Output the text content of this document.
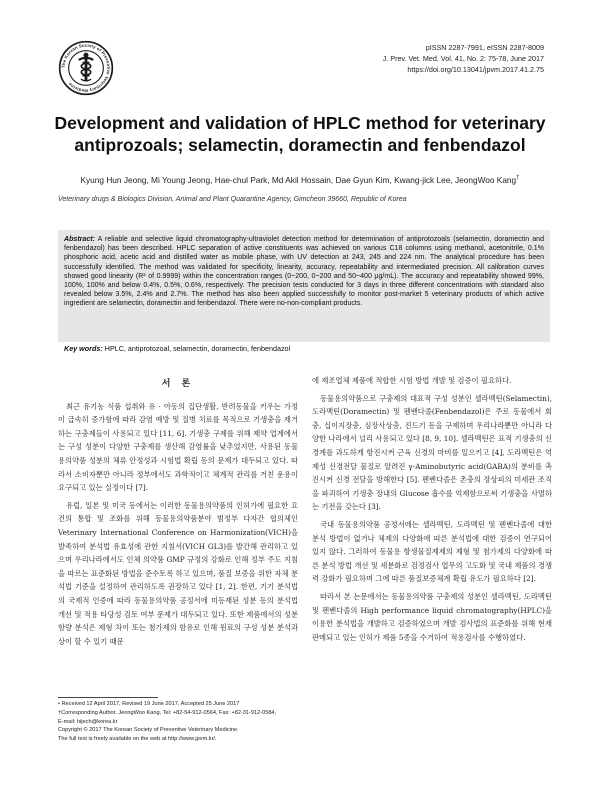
The Korean Society of Preventive Veterinary Medicine
pISSN 2287-7991, eISSN 2287-8009
J. Prev. Vet. Med. Vol. 41, No. 2: 75-78, June 2017
https://doi.org/10.13041/jpvm.2017.41.2.75
Development and validation of HPLC method for veterinary
antiprozoals; selamectin, doramectin and fenbendazol
Kyung Hun Jeong, Mi Young Jeong, Hae-chul Park, Md Akil Hossain, Dae Gyun Kim, Kwang-jick Lee, JeongWoo Kang†
Veterinary drugs & Biologics Division, Animal and Plant Quarantine Agency, Gimcheon 39660, Republic of Korea
Abstract: A reliable and selective liquid chromatography‐ultraviolet detection method for determination of antiprotozoals (selamectin, doramectin and fenbendazol) has been described. HPLC separation of active constituents was achieved on various C18 columns using methanol, acetonitrile, 0.1% phosphoric acid, acetic acid and distilled water as mobile phase, with UV detection at 243, 245 and 224 nm. The analytical procedure has been successfully identified. The method was validated for specificity, linearity, accuracy, repeatability and intermediated precision. All calibration curves showed good linearity (R² of 0.9999) within the concentration ranges (0~200, 0~200 and 50~400 μg/mL). The accuracy and repeatability showed 99%, 100%, 100% and below 0.4%, 0.5%, 0.6%, respectively. The precision tests conducted for 3 days in three different concentrations with standard also revealed below 3.5%, 2.4% and 2.7%. The method has also been applied successfully to monitor post-market 5 veterinary products of which active ingredient are selamectin, doramectin and fenbendazol. There were no-non-compliant products.
Key words: HPLC, antiprotozoal, selamectin, doramectin, fenbendazol
서 론

최근 유기농 식품 섭취와 유 · 아동의 집단생활, 반려동물을 키우는 가정이 급속히 증가함에 따라 감염 예방 및 질병 치료를 목적으로 기생충을 제거하는 구충제들이 사용되고 있다 [11, 6]. 기생충 구제를 위해 제약 업계에서는 구성 성분이 다양한 구충제를 생산해 감염률을 낮추었지만, 사용된 동물용의약품 성분의 체류 안정성과 시험법 확립 등의 문제가 대두되고 있다. 따라서 소비자뿐만 아니라 정부에서도 과학적이고 체계적 관리를 거친 운용이 요구되고 있는 실정이다 [7].

유럽, 일본 및 미국 등에서는 이러한 동물용의약품의 인허가에 필요한 요건의 통합 및 조화를 위해 동물용의약품분야 범정부 다자간 협의체인 Veterinary International Conference on Harmonization(VICH)을 발족하여 분석법 유효성에 관한 지침서(VICH GL3)를 발간해 관리하고 있으며 우리나라에서도 인체 의약품 GMP 규정의 강화로 인해 정부 주도 지침을 따르는 표준화된 방법을 준수토록 하고 있으며, 품질 보증을 위한 자체 분석법 기준을 설정하여 관리하도록 권장하고 있다 [1, 2]. 한편, 기기 분석법의 국제적 인증에 따라 동물용의약품 공정서에 미등재된 성분 등의 분석법 개선 및 적용 타당성 검토 여부 문제가 대두되고 있다. 또한 제품에서의 성분 함량 분석은 제형 차이 또는 첨가제의 함유로 인해 원료의 구성 성분 분석과 상이 할 수 있기 때문

에 제조업체 제품에 적합한 시험 방법 개발 및 검증이 필요하다.

동물용의약품으로 구충제의 대표적 구성 성분인 셀라멕틴(Selamectin), 도라멕틴(Doramectin) 및 펜벤다졸(Fenbendazol)은 주로 동물에서 회충, 십이지장충, 심장사상충, 진드기 등을 구제하며 우리나라뿐만 아니라 다양한 나라에서 널리 사용되고 있다 [8, 9, 10]. 셀라멕틴은 표적 기생충의 신경계를 과도하게 항진시켜 근육 신경의 마비를 일으키고 [4], 도라멕틴은 억제성 신경전달 물질로 알려진 γ-Aminobutyric acid(GABA)의 분비를 촉진시켜 신경 전달을 방해한다 [5]. 펜벤다졸은 촌충의 장상피의 미세관 조직을 파괴하여 기생충 장내의 Glucose 흡수를 억제함으로써 기생충을 사멸하는 기전을 갖는다 [3].

국내 동물용의약품 공정서에는 셀라멕틴, 도라멕틴 및 펜벤다졸에 대한 분석 방법이 없거나 체제의 다양화에 따른 분석법에 대한 검증이 연구되어 있지 않다. 그러하여 동물용 항생물질제제의 제형 및 첨가제의 다양화에 따른 분석 방법 개선 및 세분화로 검정검사 업무의 고도화 및 국내 제품의 경쟁력 강화가 필요하며 그에 따른 품질보증체계 확립 유도가 필요하다 [2].

따라서 본 논문에서는 동물용의약품 구충제의 성분인 셀라멕틴, 도라멕틴 및 펜벤다졸의 High performance liquid chromatography(HPLC)을 이용한 분석법을 개발하고 검증하였으며 개발 검사법의 표준화를 위해 현재 판매되고 있는 인허가 제품 5종을 수거하여 적용검사를 수행하였다.

• Received 12 April 2017, Revised 19 June 2017, Accepted 25 June 2017
†Corresponding Author. JeongWoo Kang, Tel: +82-54-912-0564, Fax: +82-31-912-0584,
E-mail: hijech@korea.kr
Copyright © 2017 The Korean Society of Preventive Veterinary Medicine.
The full text is freely available on the web at http://www.jpvm.kr/.
